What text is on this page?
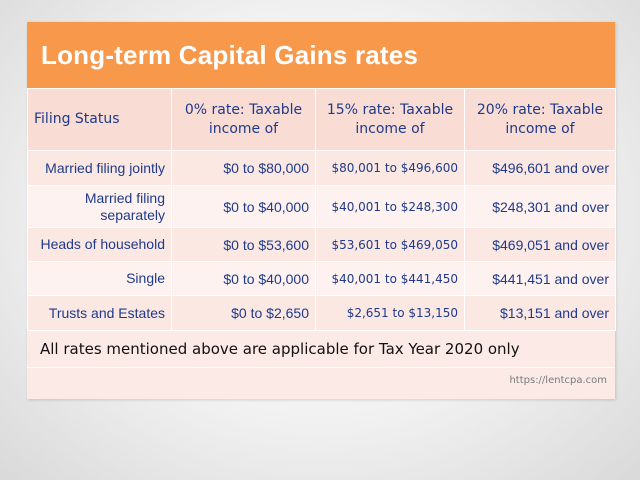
Long-term Capital Gains rates
Filing Status	0% rate: Taxable income of	15% rate: Taxable income of	20% rate: Taxable income of
Married filing jointly	$0 to $80,000	$80,001 to $496,600	$496,601 and over
Married filing separately	$0 to $40,000	$40,001 to $248,300	$248,301 and over
Heads of household	$0 to $53,600	$53,601 to $469,050	$469,051 and over
Single	$0 to $40,000	$40,001 to $441,450	$441,451 and over
Trusts and Estates	$0 to $2,650	$2,651 to $13,150	$13,151 and over
All rates mentioned above are applicable for Tax Year 2020 only
https://lentcpa.com
